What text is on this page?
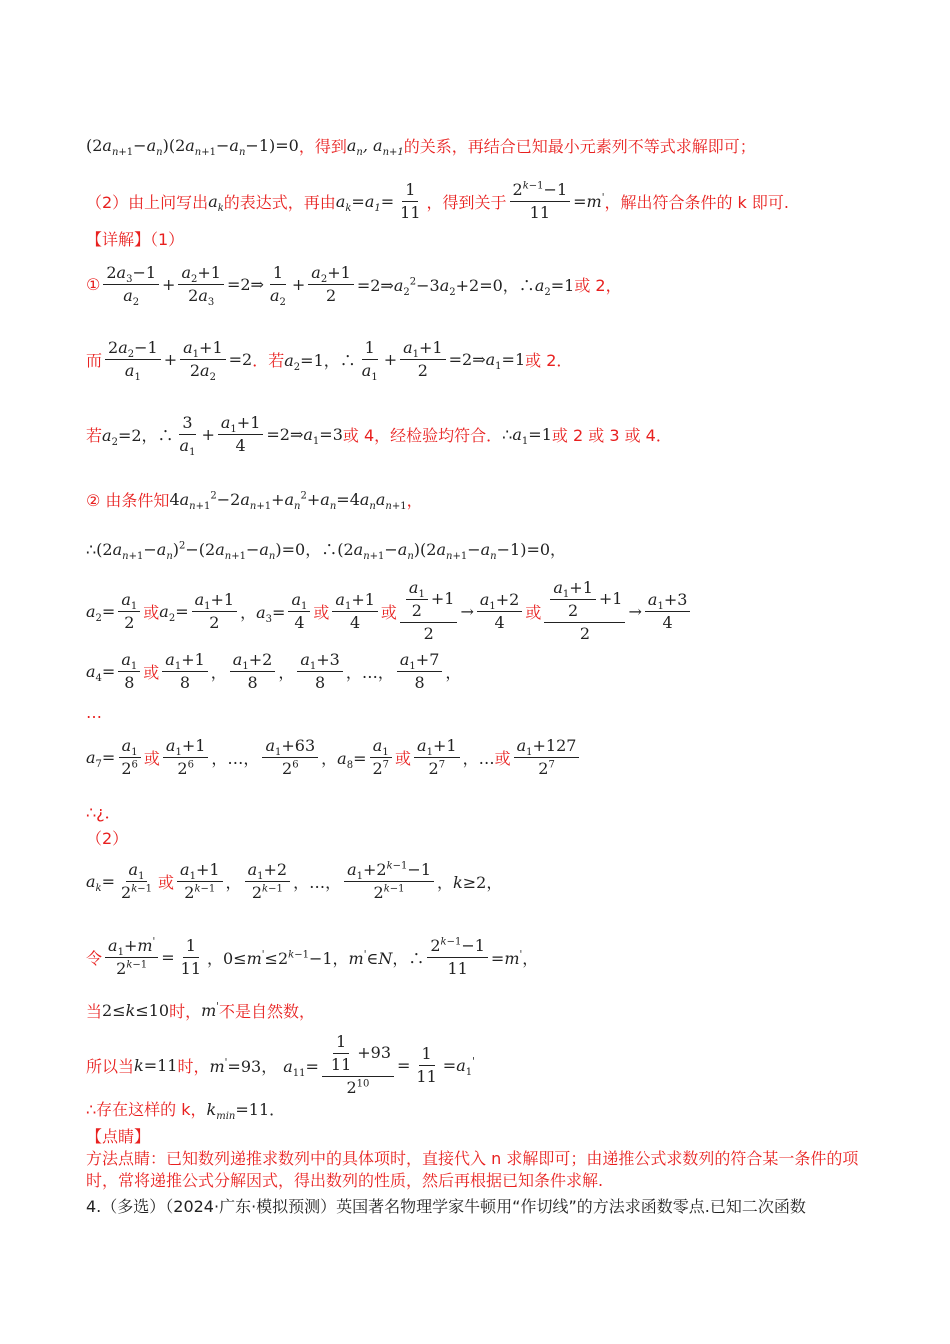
$(2a_{n+1}-a_n)(2a_{n+1}-a_n-1)=0$ ，得到 $a_n$, $a_{n+1}$ 的关系，再结合已知最小元素列不等式求解即可；
（2）由上问写出 $a_k$ 的表达式，再由 $a_k=a_1= \frac{1}{11}$ ，得到关于 $\frac{2^{k-1}-1}{11} =m'$ ，解出符合条件的 k 即可.
【详解】（1）
① $\frac{2a_3-1}{a_2} + \frac{a_2+1}{2a_3}$ =2⇒ $\frac{1}{a_2} + \frac{a_2+1}{2}$ $=2\Rightarrow a_2^2-3a_2+2=0$，$\therefore a_2=1$ 或 2，
而 $\frac{2a_2-1}{a_1} + \frac{a_1+1}{2a_2} =2$ ．若 $a_2=1$，∴ $\frac{1}{a_1} + \frac{a_1+1}{2}$ $=2\Rightarrow a_1=1$ 或 2．
若 $a_2=2$，∴ $\frac{3}{a_1} + \frac{a_1+1}{4}$ $=2\Rightarrow a_1=3$ 或 4，经检验均符合． $\therefore a_1=1$ 或 2 或 3 或 4．
② 由条件知 $4a_{n+1}^2-2a_{n+1}+a_n^2+a_n=4a_na_{n+1}$ ，
$\therefore(2a_{n+1}-a_n)^2-(2a_{n+1}-a_n)=0$，$\therefore(2a_{n+1}-a_n)(2a_{n+1}-a_n-1)=0$，
$a_2= \frac{a_1}{2}$ 或 $a_2= \frac{a_1+1}{2}$ ，$a_3= \frac{a_1}{4}$ 或 $\frac{a_1+1}{4}$ 或 $\frac{\frac{a_1}{2} +1}{2} \to \frac{a_1+2}{4}$ 或 $\frac{\frac{a_1+1}{2} +1}{2} \to \frac{a_1+3}{4}$
$a_4= \frac{a_1}{8}$ 或 $\frac{a_1+1}{8}$ ， $\frac{a_1+2}{8}$ ， $\frac{a_1+3}{8}$ ，…， $\frac{a_1+7}{8}$ ，
…
$a_7= \frac{a_1}{2^6}$ 或 $\frac{a_1+1}{2^6}$ ，…， $\frac{a_1+63}{2^6}$ ，$a_8= \frac{a_1}{2^7}$ 或 $\frac{a_1+1}{2^7}$ ，… 或 $\frac{a_1+127}{2^7}$
∴¿．
（2）
$a_k= \frac{a_1}{2^{k-1}}$ 或 $\frac{a_1+1}{2^{k-1}}$ ， $\frac{a_1+2}{2^{k-1}}$ ，…， $\frac{a_1+2^{k-1}-1}{2^{k-1}}$ ，k≥2，
令 $\frac{a_1+m'}{2^{k-1}} = \frac{1}{11}$ ，$0\le m'\le 2^{k-1}-1$，m'∈N，∴ $\frac{2^{k-1}-1}{11} =m'$，
当 2≤k≤10 时， m' 不是自然数，
所以当 k=11 时， m'=93， $a_{11}= \frac{\frac{1}{11} +93}{2^{10}} = \frac{1}{11} =a_1'$
∴存在这样的 k， $k_{min}=11$．
【点睛】
方法点睛：已知数列递推求数列中的具体项时，直接代入 n 求解即可；由递推公式求数列的符合某一条件的项时，常将递推公式分解因式，得出数列的性质，然后再根据已知条件求解.
4.（多选）（2024·广东·模拟预测）英国著名物理学家牛顿用“作切线”的方法求函数零点.已知二次函数
